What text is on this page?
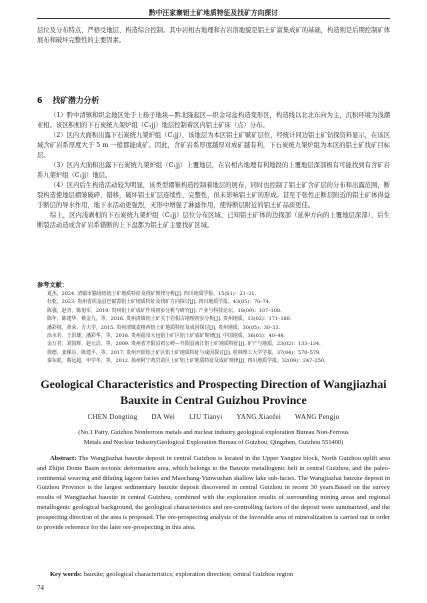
黔中汪家寨铝土矿地质特征及找矿方向探讨

层位及分布特点，严格受地层、构造综合控制。其中岩相古地理和古岩溶地貌是铝土矿富集成矿的基础，构造则是后期控制矿体展布和破坏完整性的主要因素。

6 找矿潜力分析

（1）黔中清镇和织金地区处于上扬子地块—黔北隆起区—织金穹盆构造变形区，构造线以北北东向为主，沉积环境为浅潮亚相。该区积相的下石炭统九架炉组（C₁jj）地层控制着区内铝土矿床（点）分布。

（2）区内大面积出露下石炭统九架炉组（C₁jj），该地层为本区铝土矿赋矿层位，经统计同边铝土矿钻探资料显示，在该区域含矿岩系厚度大于 5 m 一般都能成矿。因此，含矿岩系厚度越厚对成矿越有利，下石炭统九架炉组为本区的铝土矿找矿目标层。

（3）区内大面积出露下石炭统九架炉组（C₁jj）上覆地层，在岩相古地理有利地段的上覆地层深部极有可能找到有含矿岩系九架炉组（C₁jj）地层。

（4）区内后生构造活动较为明显，该类型褶皱构造控制着地层的展布，同时也控制了铝土矿含矿层的分布和出露范围，断裂构造使地层褶皱破碎、错移，破坏铝土矿层连续性、完整性，但未影响铝土矿的形成。甚至于张性正断层附近的铝土矿体得益于断层的导水作用，地下水活动更强烈，无形中增强了淋滤作用，使得断层附近的铝土矿品质更佳。

综上，区内浅剥相的下石炭统九架炉组（C₁jj）层位分布区域、已知铝土矿体的边探部（延伸方向的上覆地层深部）、后生断裂活动造成含矿岩系错断的上下盘都为铝土矿主要找矿区域。

参考文献：
夏杰，2024. 清镇市猫场铝铝土矿地质特征及找矿规律分析[J]. 四川地质学报，15(S1)：21–31.
杜乾，2023. 贵州省织金县巴郎箐铝土矿地质特征及找矿方向探讨[J]. 四川地质学报，43(05)：70–74.
陈强，赵青，陈旭军，2019. 贵州铝土矿成矿作用初步分析与研究[J]. 产业与科技论坛，18(09)：107–108.
陈年，陈建华，蔡金九，等，2016. 贵州清镇铝土矿关于岩相古地理初步分析[J]. 贵州地质，13(02)：171–180.
潘彩权，黄荣，方大学，2015. 贵州清镇麦格西铝土矿地质特征及成因探讨[J]. 贵州地质，30(05)：30–33.
涂水若，王洪雄，潘彩华，等，2018. 贵州福泉大包铝土矿区铝土矿成矿规律[J]. 中国地质，36(03)：40–48.
金万君，刘国辉，赵元洁，等，2009. 贵州省开阳县鸡公岭—开阳县南江铝土矿地质特征[J]. 矿产与地质，23(02)：133–134.
徐德，姜梯尔，陈建平，等，2017. 贵州开阳铝土矿区铝土矿地质特征与成因探讨[J]. 桂林理工大学学报，37(04)：570–579.
秦东彪，蔡远超，申学冬，等，2012. 扬州阿宁鸡岩苗区上矿铝土矿地质特征及成矿规律[J]. 四川地质学报，32(09)：247–250.
Geological Characteristics and Prospecting Direction of Wangjiazhai Bauxite in Central Guizhou Province
CHEN Dongting DA Wei LIU Tianyi YANG Xiaofei WANG Pengju
(No.1 Party, Guizhou Nonferrous metals and nuclear industry geological exploration Bureau Non-Ferrous Metals and Nuclear IndustryGeological Exploration Bureau of Guizhou, Qingzhen, Guizhou 551400)

Abstract: The Wangjiazhai bauxite deposit in central Guizhou is located in the Upper Yangtze block, North Guizhou uplift area and Zhijin Dome Basin tectonic deformation area, which belongs to the Bauxite metallogenic belt in central Guizhou, and the paleo-continental weaving and diluting lagoon facies and Maochang-Yunwushan shallow lake sub-facies. The Wangjiazhai bauxite deposit in Guizhou Province is the largest sedimentary bauxite deposit discovered in central Guizhou in recent 30 years.Based on the survey results of Wangjiazhai bauxite in central Guizhou, combined with the exploration results of surrounding mining areas and regional metallogenic geological background, the geological characteristics and ore-controlling factors of the deposit were summarized, and the prospecting direction of the area is proposed. The ore-prospecting analysis of the favorable area of mineralization is carried out in order to provide reference for the later ore-prospecting in this area.

Key words: bauxite; geological characteristics; exploration direction; central Guizhou region

74
